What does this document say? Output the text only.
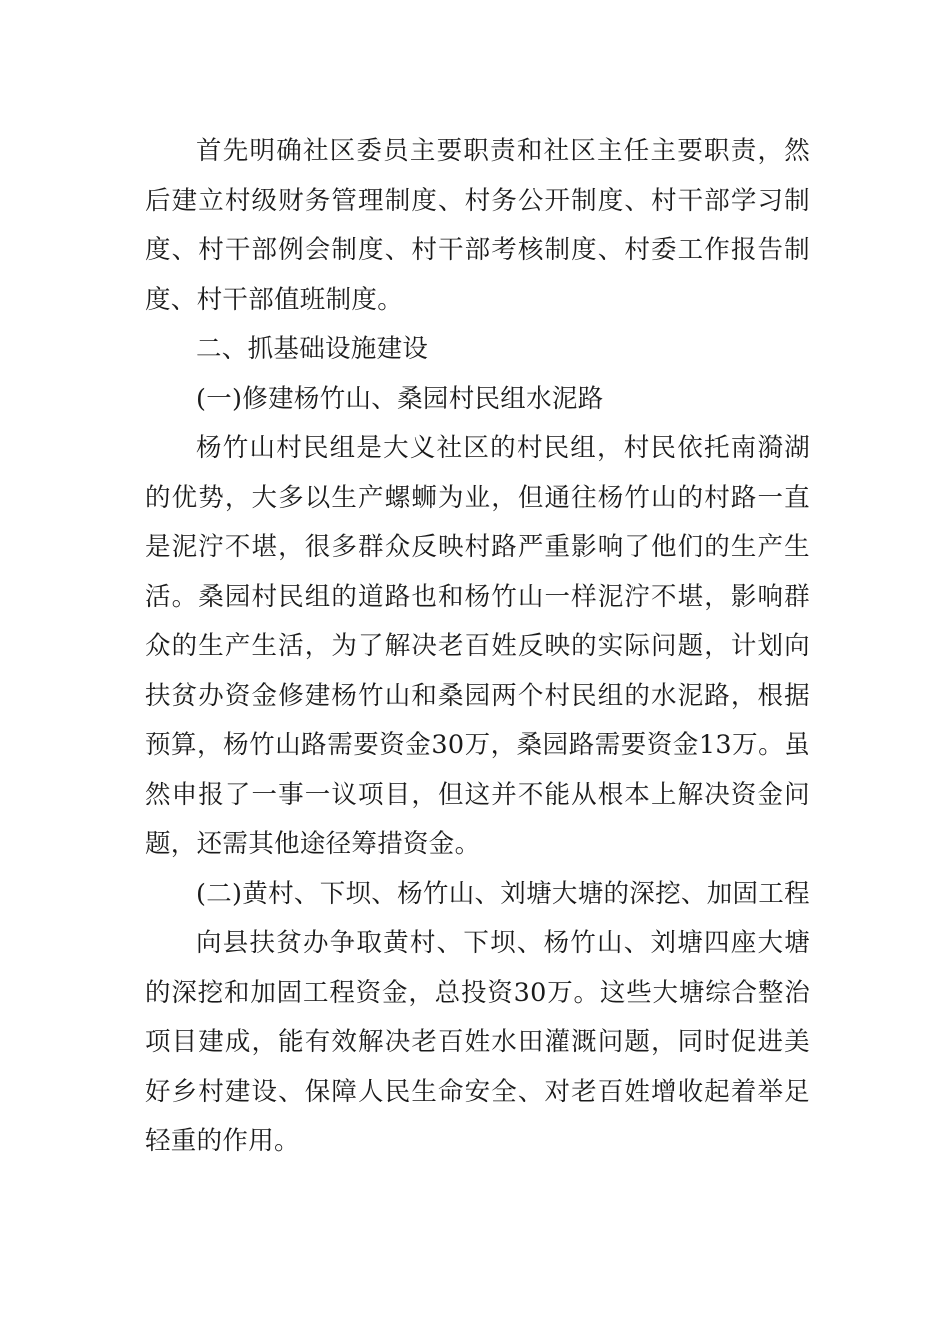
首先明确社区委员主要职责和社区主任主要职责，然后建立村级财务管理制度、村务公开制度、村干部学习制度、村干部例会制度、村干部考核制度、村委工作报告制度、村干部值班制度。

二、抓基础设施建设

(一)修建杨竹山、桑园村民组水泥路

杨竹山村民组是大义社区的村民组，村民依托南漪湖的优势，大多以生产螺蛳为业，但通往杨竹山的村路一直是泥泞不堪，很多群众反映村路严重影响了他们的生产生活。桑园村民组的道路也和杨竹山一样泥泞不堪，影响群众的生产生活，为了解决老百姓反映的实际问题，计划向扶贫办资金修建杨竹山和桑园两个村民组的水泥路，根据预算，杨竹山路需要资金30万，桑园路需要资金13万。虽然申报了一事一议项目，但这并不能从根本上解决资金问题，还需其他途径筹措资金。

(二)黄村、下坝、杨竹山、刘塘大塘的深挖、加固工程

向县扶贫办争取黄村、下坝、杨竹山、刘塘四座大塘的深挖和加固工程资金，总投资30万。这些大塘综合整治项目建成，能有效解决老百姓水田灌溉问题，同时促进美好乡村建设、保障人民生命安全、对老百姓增收起着举足轻重的作用。
